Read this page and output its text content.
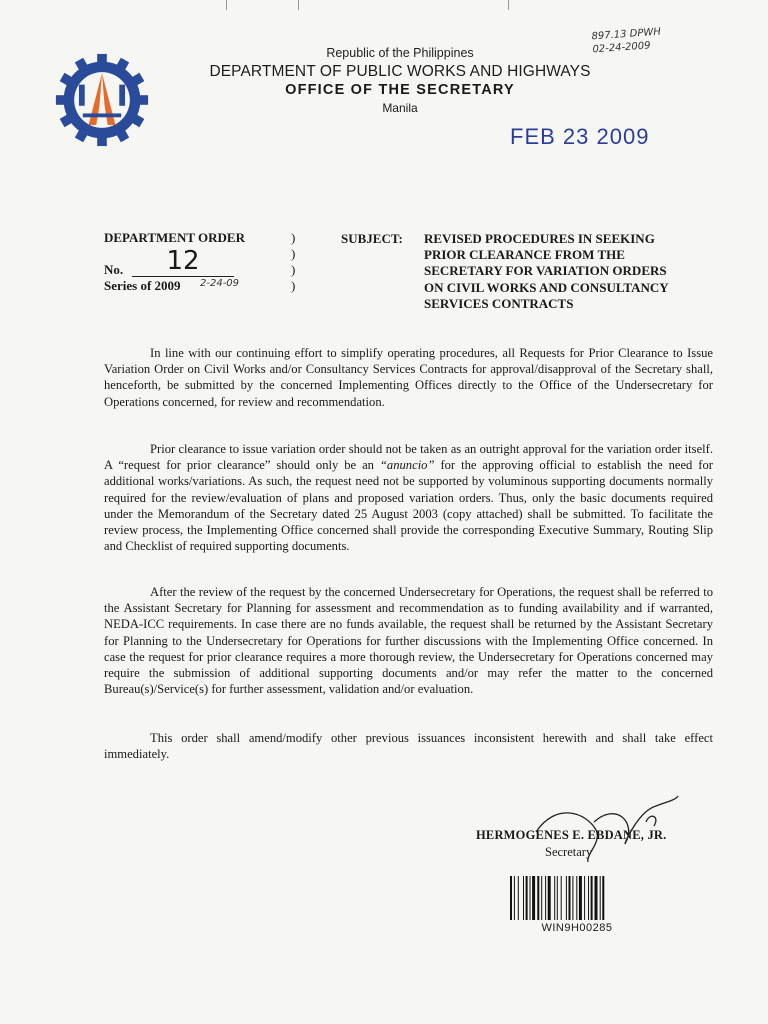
Republic of the Philippines
DEPARTMENT OF PUBLIC WORKS AND HIGHWAYS
OFFICE OF THE SECRETARY
Manila
897.13 DPWH
02-24-2009
FEB 23 2009
DEPARTMENT ORDER	)
)
No.	12	)
Series of 2009 2-24-09	)
SUBJECT: REVISED PROCEDURES IN SEEKING
PRIOR CLEARANCE FROM THE
SECRETARY FOR VARIATION ORDERS
ON CIVIL WORKS AND CONSULTANCY
SERVICES CONTRACTS

In line with our continuing effort to simplify operating procedures, all Requests for Prior Clearance to Issue Variation Order on Civil Works and/or Consultancy Services Contracts for approval/disapproval of the Secretary shall, henceforth, be submitted by the concerned Implementing Offices directly to the Office of the Undersecretary for Operations concerned, for review and recommendation.

Prior clearance to issue variation order should not be taken as an outright approval for the variation order itself. A “request for prior clearance” should only be an “anuncio” for the approving official to establish the need for additional works/variations. As such, the request need not be supported by voluminous supporting documents normally required for the review/evaluation of plans and proposed variation orders. Thus, only the basic documents required under the Memorandum of the Secretary dated 25 August 2003 (copy attached) shall be submitted. To facilitate the review process, the Implementing Office concerned shall provide the corresponding Executive Summary, Routing Slip and Checklist of required supporting documents.

After the review of the request by the concerned Undersecretary for Operations, the request shall be referred to the Assistant Secretary for Planning for assessment and recommendation as to funding availability and if warranted, NEDA-ICC requirements. In case there are no funds available, the request shall be returned by the Assistant Secretary for Planning to the Undersecretary for Operations for further discussions with the Implementing Office concerned. In case the request for prior clearance requires a more thorough review, the Undersecretary for Operations concerned may require the submission of additional supporting documents and/or may refer the matter to the concerned Bureau(s)/Service(s) for further assessment, validation and/or evaluation.

This order shall amend/modify other previous issuances inconsistent herewith and shall take effect immediately.

HERMOGENES E. EBDANE, JR.
Secretary
WIN9H00285
